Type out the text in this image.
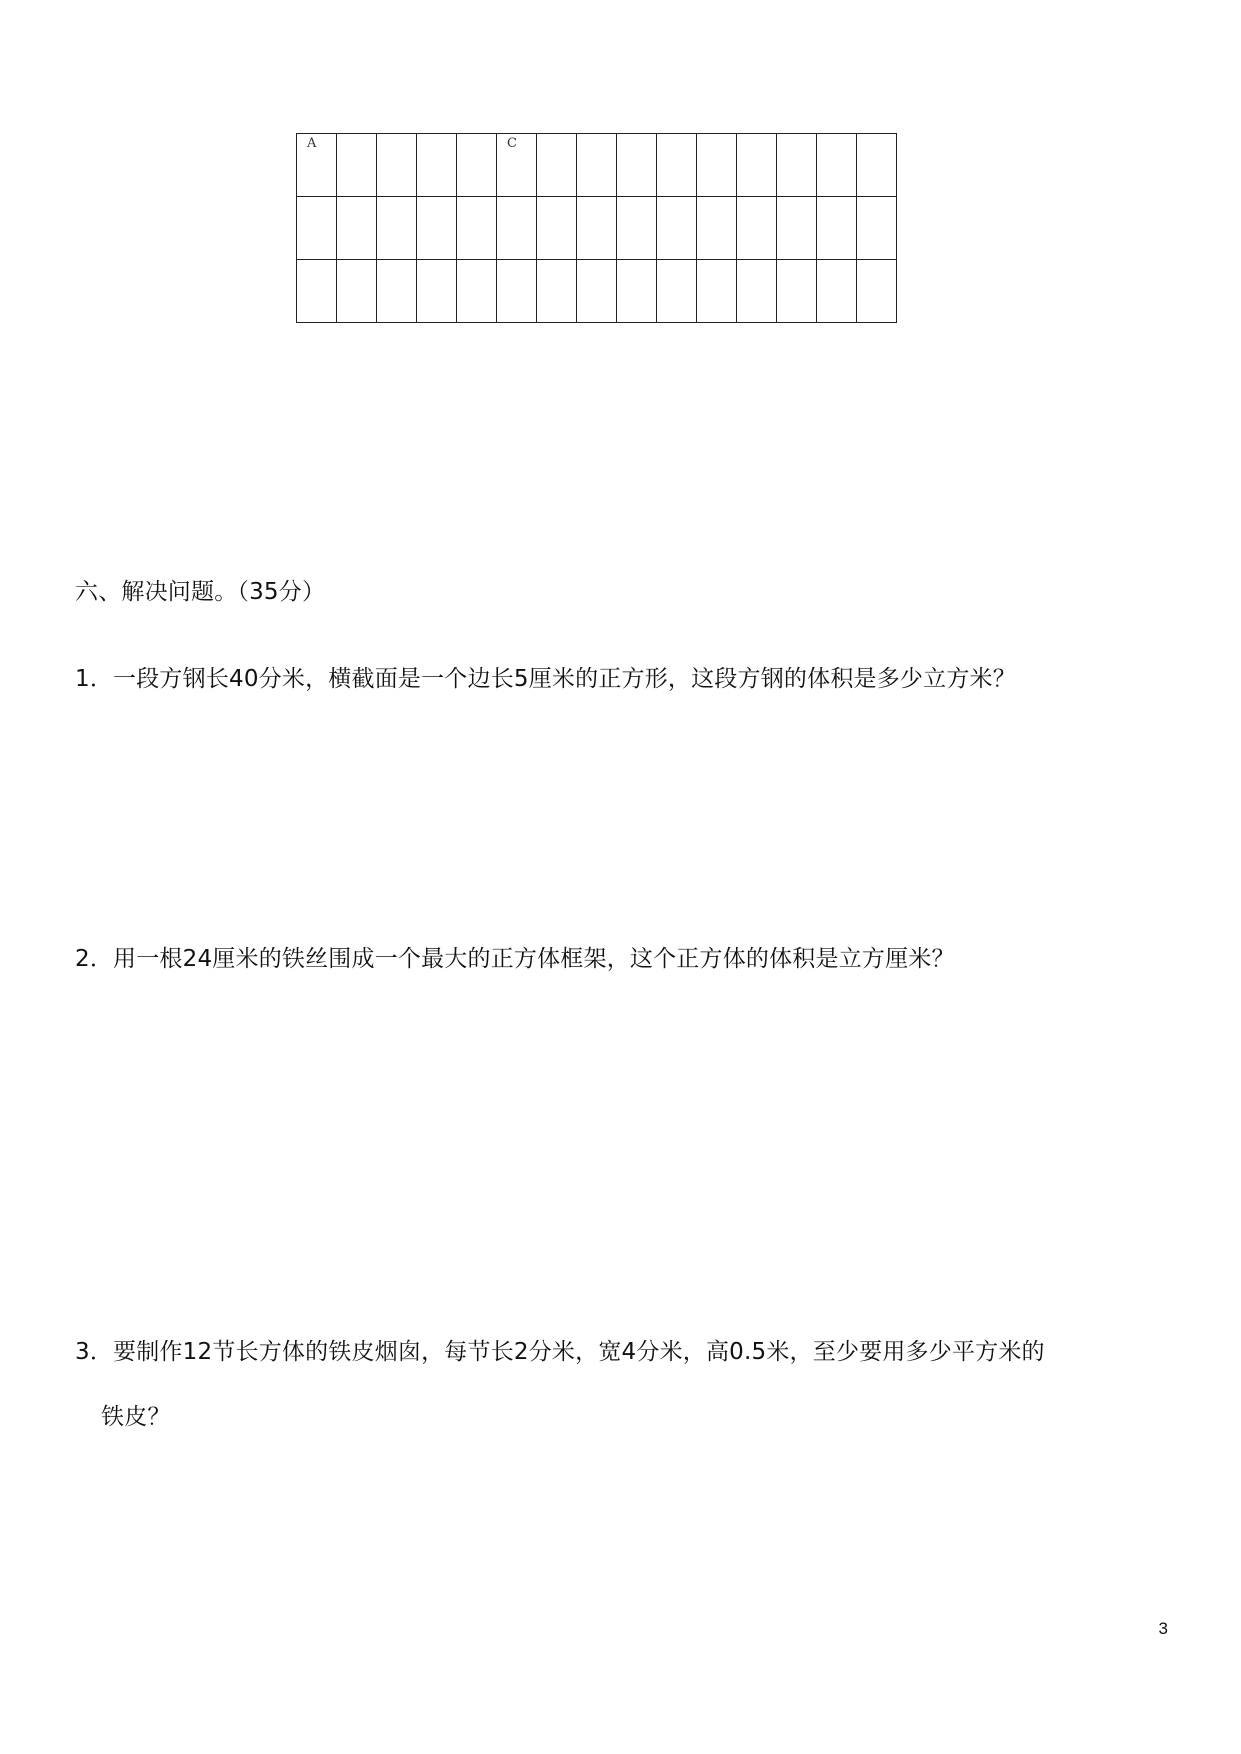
A					C									

六、解决问题。（35分）
1．一段方钢长40分米，横截面是一个边长5厘米的正方形，这段方钢的体积是多少立方米？
2．用一根24厘米的铁丝围成一个最大的正方体框架，这个正方体的体积是立方厘米？
3．要制作12节长方体的铁皮烟囱，每节长2分米，宽4分米，高0.5米，至少要用多少平方米的
铁皮？
3
